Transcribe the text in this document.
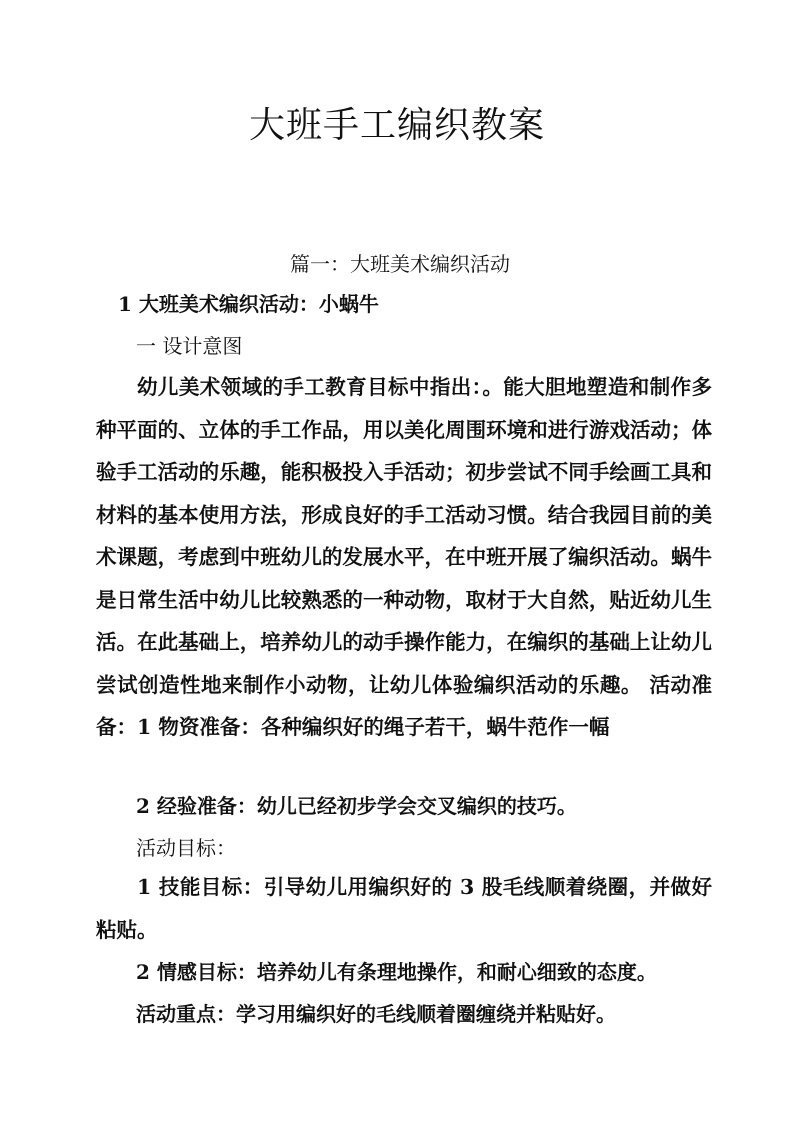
大班手工编织教案
篇一：大班美术编织活动
1 大班美术编织活动：小蜗牛
一 设计意图
幼儿美术领域的手工教育目标中指出：。能大胆地塑造和制作多种平面的、立体的手工作品，用以美化周围环境和进行游戏活动；体验手工活动的乐趣，能积极投入手活动；初步尝试不同手绘画工具和材料的基本使用方法，形成良好的手工活动习惯。结合我园目前的美术课题，考虑到中班幼儿的发展水平，在中班开展了编织活动。蜗牛是日常生活中幼儿比较熟悉的一种动物，取材于大自然，贴近幼儿生活。在此基础上，培养幼儿的动手操作能力，在编织的基础上让幼儿尝试创造性地来制作小动物，让幼儿体验编织活动的乐趣。 活动准备：1 物资准备：各种编织好的绳子若干，蜗牛范作一幅
2 经验准备：幼儿已经初步学会交叉编织的技巧。
活动目标：
1 技能目标：引导幼儿用编织好的 3 股毛线顺着绕圈，并做好粘贴。
2 情感目标：培养幼儿有条理地操作，和耐心细致的态度。
活动重点：学习用编织好的毛线顺着圈缠绕并粘贴好。
